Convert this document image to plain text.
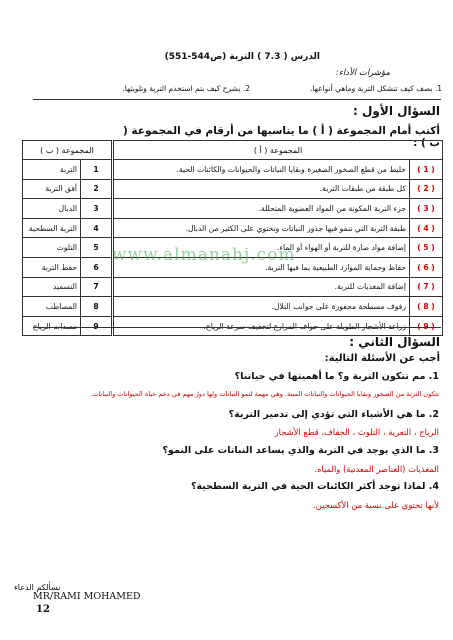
الدرس ( 7.3 ) التربة (ص544-551)
مؤشرات الأداء:
1. يصف كيف تتشكل التربة وماهي أنواعها.
2. يشرح كيف يتم استخدم التربة وتلويثها.
السؤال الأول :
أكتب أمام المجموعة ( أ ) ما يناسبها من أرقام في المجموعة ( ب ) :
المجموعة ( أ )	
( 1 )	خليط من قطع الصخور الصغيرة وبقايا النباتات والحيوانات والكائنات الحية.
( 2 )	كل طبقة من طبقات التربة.
( 3 )	جزء التربة المكونة من المواد العضوية المتحللة.
( 4 )	طبقة التربة التي تنمو فيها جذور النباتات وتحتوي على الكثير من الدبال.
( 5 )	إضافة مواد ضارة للتربة أو الهواء أو الماء.
( 6 )	حفاظ وحماية الموارد الطبيعية بما فيها التربة.
( 7 )	إضافة المغذيات للتربة.
( 8 )	رفوف مسطحة محفورة على جوانب التلال.
( 9 )	زراعة الأشجار الطويلة على حواف المزارع لتخفيف سرعة الرياح.
المجموعة ( ب )	
1	التربة
2	أفق التربة
3	الدبال
4	التربة السطحية
5	التلوث
6	حفظ التربة
7	التسميد
8	المصاطب
9	مصدات الرياح
www.almanahj.com
السؤال الثاني :
أجب عن الأسئلة التالية:
1. مم تتكون التربة و؟ ما أهميتها في حياتنا؟
تتكون التربة من الصخور وبقايا الحيوانات والنباتات الميتة. وهي مهمة لنمو النباتات ولها دورٌ مهم في دعم حياة الحيوانات والنباتات.
2. ما هي الأشياء التي تؤدي إلى تدمير التربة؟
الرياح ، التعرية ، التلوث ، الجفاف، قطع الأشجار
3. ما الذي يوجد في التربة والذي يساعد النباتات على النمو؟
المغذيات (العناصر المعدنية) والمياه.
4. لماذا توجد أكثر الكائنات الحية في التربة السطحية؟
لأنها تحتوي على نسبة من الأكسجين.
نسألكم الدعاء
MR/RAMI MOHAMED
12
